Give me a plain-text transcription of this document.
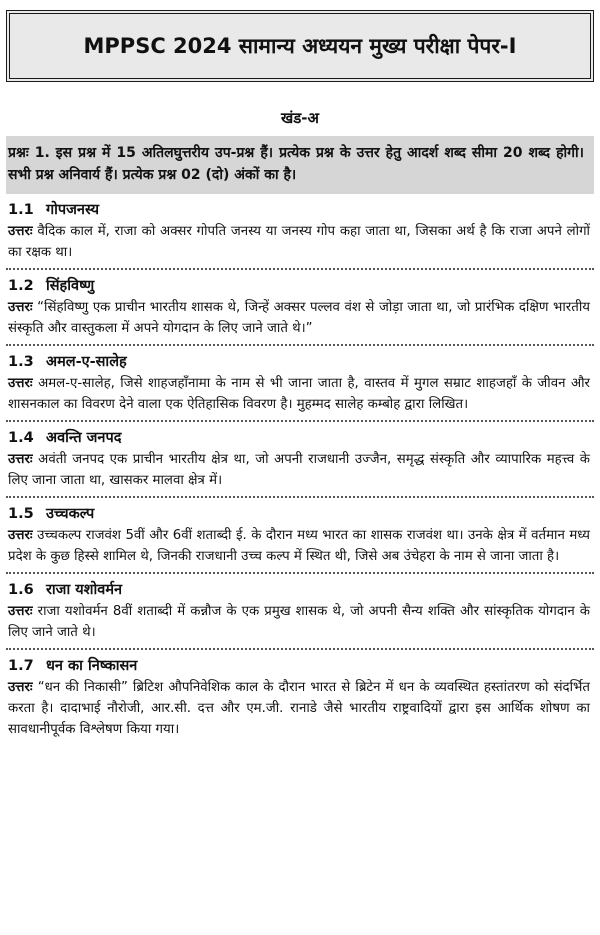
MPPSC 2024 सामान्य अध्ययन मुख्य परीक्षा पेपर-I
खंड-अ
प्रश्नः 1. इस प्रश्न में 15 अतिलघुत्तरीय उप-प्रश्न हैं। प्रत्येक प्रश्न के उत्तर हेतु आदर्श शब्द सीमा 20 शब्द होगी। सभी प्रश्न अनिवार्य हैं। प्रत्येक प्रश्न 02 (दो) अंकों का है।
1.1 गोपजनस्य
उत्तरः वैदिक काल में, राजा को अक्सर गोपति जनस्य या जनस्य गोप कहा जाता था, जिसका अर्थ है कि राजा अपने लोगों का रक्षक था।
1.2 सिंहविष्णु
उत्तरः “सिंहविष्णु एक प्राचीन भारतीय शासक थे, जिन्हें अक्सर पल्लव वंश से जोड़ा जाता था, जो प्रारंभिक दक्षिण भारतीय संस्कृति और वास्तुकला में अपने योगदान के लिए जाने जाते थे।”
1.3 अमल-ए-सालेह
उत्तरः अमल-ए-सालेह, जिसे शाहजहाँनामा के नाम से भी जाना जाता है, वास्तव में मुगल सम्राट शाहजहाँ के जीवन और शासनकाल का विवरण देने वाला एक ऐतिहासिक विवरण है। मुहम्मद सालेह कम्बोह द्वारा लिखित।
1.4 अवन्ति जनपद
उत्तरः अवंती जनपद एक प्राचीन भारतीय क्षेत्र था, जो अपनी राजधानी उज्जैन, समृद्ध संस्कृति और व्यापारिक महत्त्व के लिए जाना जाता था, खासकर मालवा क्षेत्र में।
1.5 उच्चकल्प
उत्तरः उच्चकल्प राजवंश 5वीं और 6वीं शताब्दी ई. के दौरान मध्य भारत का शासक राजवंश था। उनके क्षेत्र में वर्तमान मध्य प्रदेश के कुछ हिस्से शामिल थे, जिनकी राजधानी उच्च कल्प में स्थित थी, जिसे अब उंचेहरा के नाम से जाना जाता है।
1.6 राजा यशोवर्मन
उत्तरः राजा यशोवर्मन 8वीं शताब्दी में कन्नौज के एक प्रमुख शासक थे, जो अपनी सैन्य शक्ति और सांस्कृतिक योगदान के लिए जाने जाते थे।
1.7 धन का निष्कासन
उत्तरः “धन की निकासी” ब्रिटिश औपनिवेशिक काल के दौरान भारत से ब्रिटेन में धन के व्यवस्थित हस्तांतरण को संदर्भित करता है। दादाभाई नौरोजी, आर.सी. दत्त और एम.जी. रानाडे जैसे भारतीय राष्ट्रवादियों द्वारा इस आर्थिक शोषण का सावधानीपूर्वक विश्लेषण किया गया।
